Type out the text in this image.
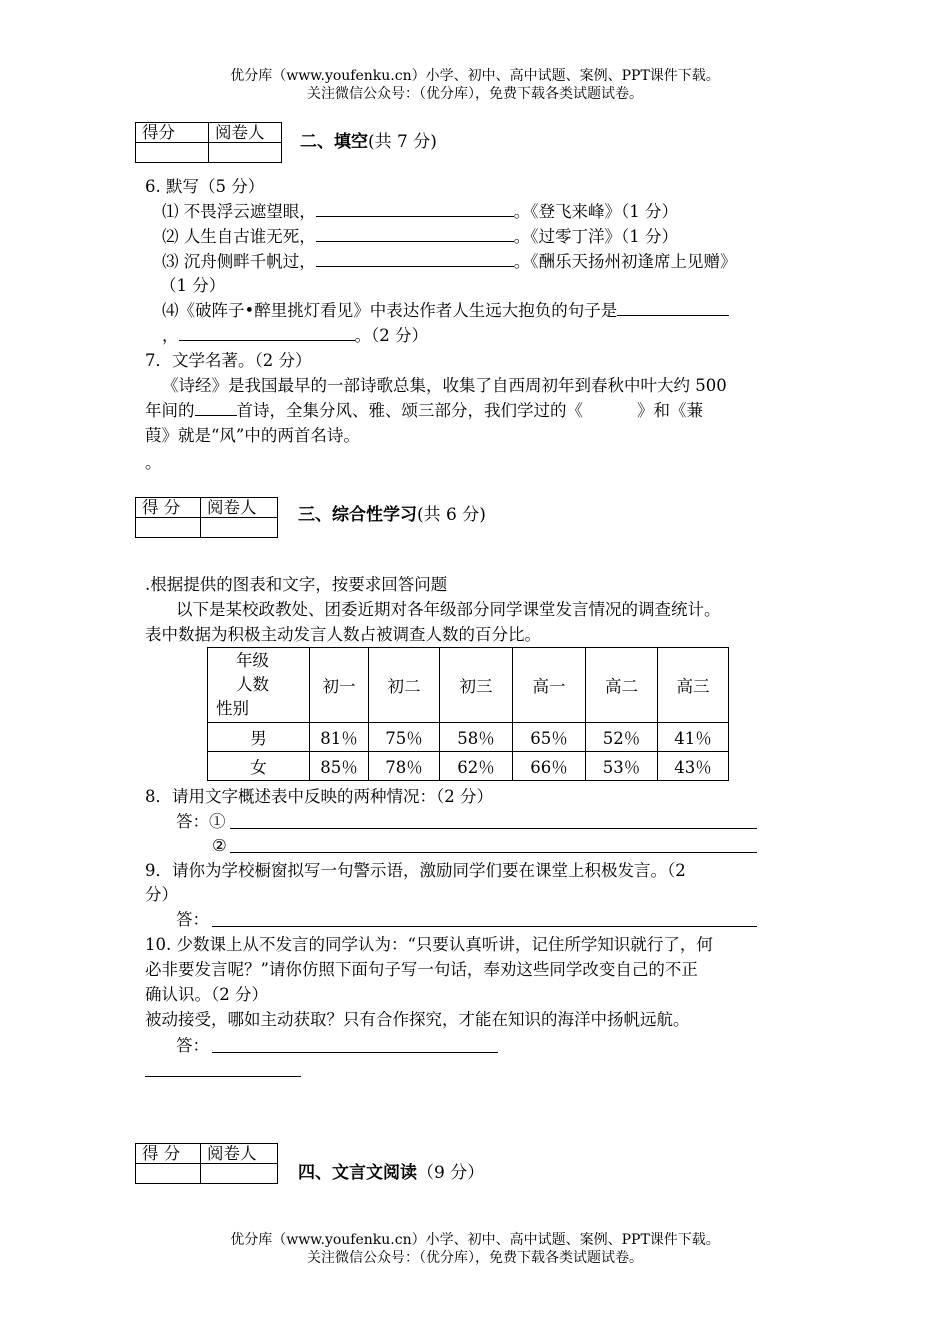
优分库（www.youfenku.cn）小学、初中、高中试题、案例、PPT课件下载。
关注微信公众号：（优分库），免费下载各类试题试卷。
得分	阅卷人
	二、填空(共 7 分)
6. 默写（5 分）
⑴ 不畏浮云遮望眼，	。《登飞来峰》（1 分）
⑵ 人生自古谁无死，	。《过零丁洋》（1 分）
⑶ 沉舟侧畔千帆过，	。《酬乐天扬州初逢席上见赠》
（1 分）
⑷《破阵子•醉里挑灯看见》中表达作者人生远大抱负的句子是
，	。（2 分）
7．文学名著。（2 分）
《诗经》是我国最早的一部诗歌总集，收集了自西周初年到春秋中叶大约 500
年间的	首诗，全集分风、雅、颂三部分，我们学过的《	》和《蒹
葭》就是“风”中的两首名诗。
。
得 分	阅卷人
	三、综合性学习(共 6 分)
.根据提供的图表和文字，按要求回答问题
以下是某校政教处、团委近期对各年级部分同学课堂发言情况的调查统计。
表中数据为积极主动发言人数占被调查人数的百分比。
年级
人数
性别	初一	初二	初三	高一	高二	高三
男	81％	75％	58％	65％	52％	41％
女	85％	78％	62％	66％	53％	43％
8．请用文字概述表中反映的两种情况：（2 分）
答：①
②
9．请你为学校橱窗拟写一句警示语，激励同学们要在课堂上积极发言。（2
分）
答：
10. 少数课上从不发言的同学认为：“只要认真听讲，记住所学知识就行了，何
必非要发言呢？”请你仿照下面句子写一句话，奉劝这些同学改变自己的不正
确认识。（2 分）
被动接受，哪如主动获取？只有合作探究，才能在知识的海洋中扬帆远航。
答：
得 分	阅卷人

四、文言文阅读（9 分）
优分库（www.youfenku.cn）小学、初中、高中试题、案例、PPT课件下载。
关注微信公众号：（优分库），免费下载各类试题试卷。
